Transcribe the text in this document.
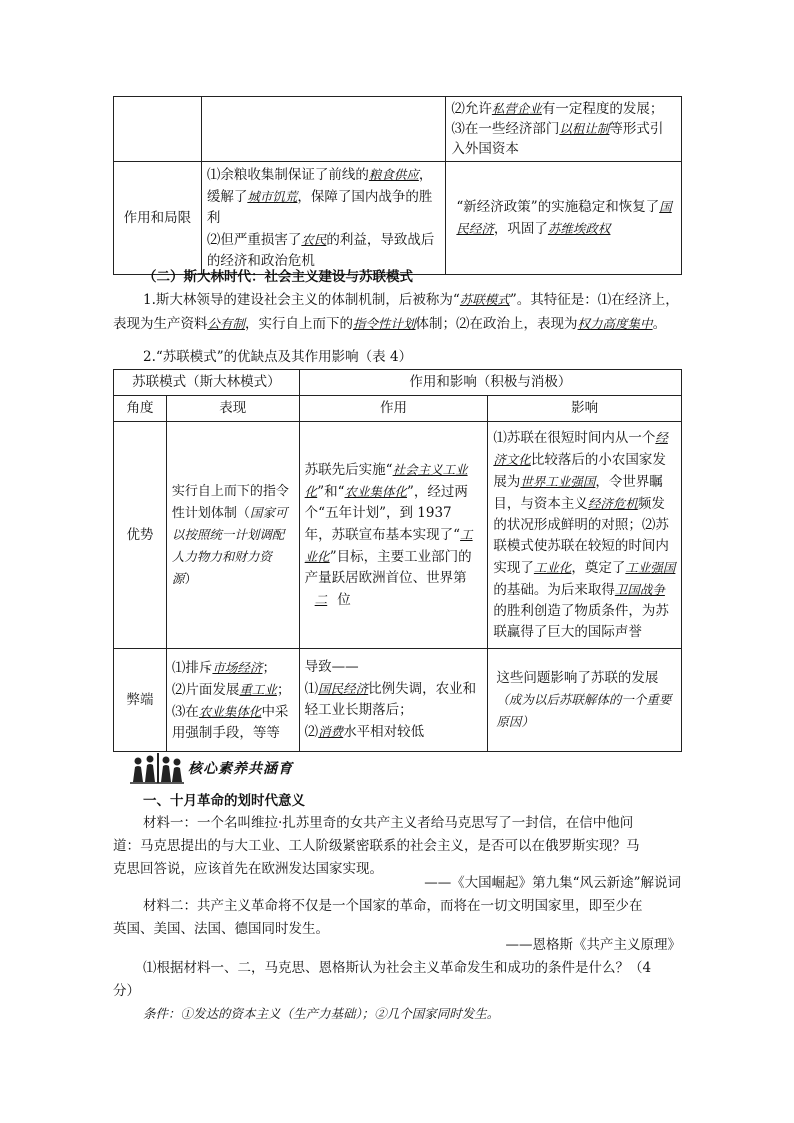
		⑵允许私营企业有一定程度的发展；
⑶在一些经济部门以租让制等形式引入外国资本
作用和局限	⑴余粮收集制保证了前线的粮食供应，缓解了城市饥荒，保障了国内战争的胜利
⑵但严重损害了农民的利益，导致战后的经济和政治危机	“新经济政策”的实施稳定和恢复了国民经济，巩固了苏维埃政权
（二）斯大林时代：社会主义建设与苏联模式
1.斯大林领导的建设社会主义的体制机制，后被称为“苏联模式”。其特征是：⑴在经济上，表现为生产资料公有制，实行自上而下的指令性计划体制；⑵在政治上，表现为权力高度集中。
2.“苏联模式”的优缺点及其作用影响（表 4）
苏联模式（斯大林模式）		作用和影响（积极与消极）	
角度	表现	作用	影响
优势	实行自上而下的指令性计划体制（国家可以按照统一计划调配人力物力和财力资源）	苏联先后实施“社会主义工业化”和“农业集体化”，经过两个“五年计划”，到 1937 年，苏联宣布基本实现了“工业化”目标，主要工业部门的产量跃居欧洲首位、世界第二 位	⑴苏联在很短时间内从一个经济文化比较落后的小农国家发展为世界工业强国，令世界瞩目，与资本主义经济危机频发的状况形成鲜明的对照；⑵苏联模式使苏联在较短的时间内实现了工业化，奠定了工业强国的基础。为后来取得卫国战争的胜利创造了物质条件，为苏联赢得了巨大的国际声誉
弊端	⑴排斥市场经济；
⑵片面发展重工业；
⑶在农业集体化中采用强制手段，等等	导致——
⑴国民经济比例失调，农业和轻工业长期落后；
⑵消费水平相对较低	这些问题影响了苏联的发展
（成为以后苏联解体的一个重要原因）
核心素养共涵育
一、十月革命的划时代意义
材料一：一个名叫维拉·扎苏里奇的女共产主义者给马克思写了一封信，在信中他问
道：马克思提出的与大工业、工人阶级紧密联系的社会主义，是否可以在俄罗斯实现？马
克思回答说，应该首先在欧洲发达国家实现。
——《大国崛起》第九集“风云新途”解说词
材料二：共产主义革命将不仅是一个国家的革命，而将在一切文明国家里，即至少在
英国、美国、法国、德国同时发生。
——恩格斯《共产主义原理》
⑴根据材料一、二，马克思、恩格斯认为社会主义革命发生和成功的条件是什么？（4
分）
条件：①发达的资本主义（生产力基础）；②几个国家同时发生。
